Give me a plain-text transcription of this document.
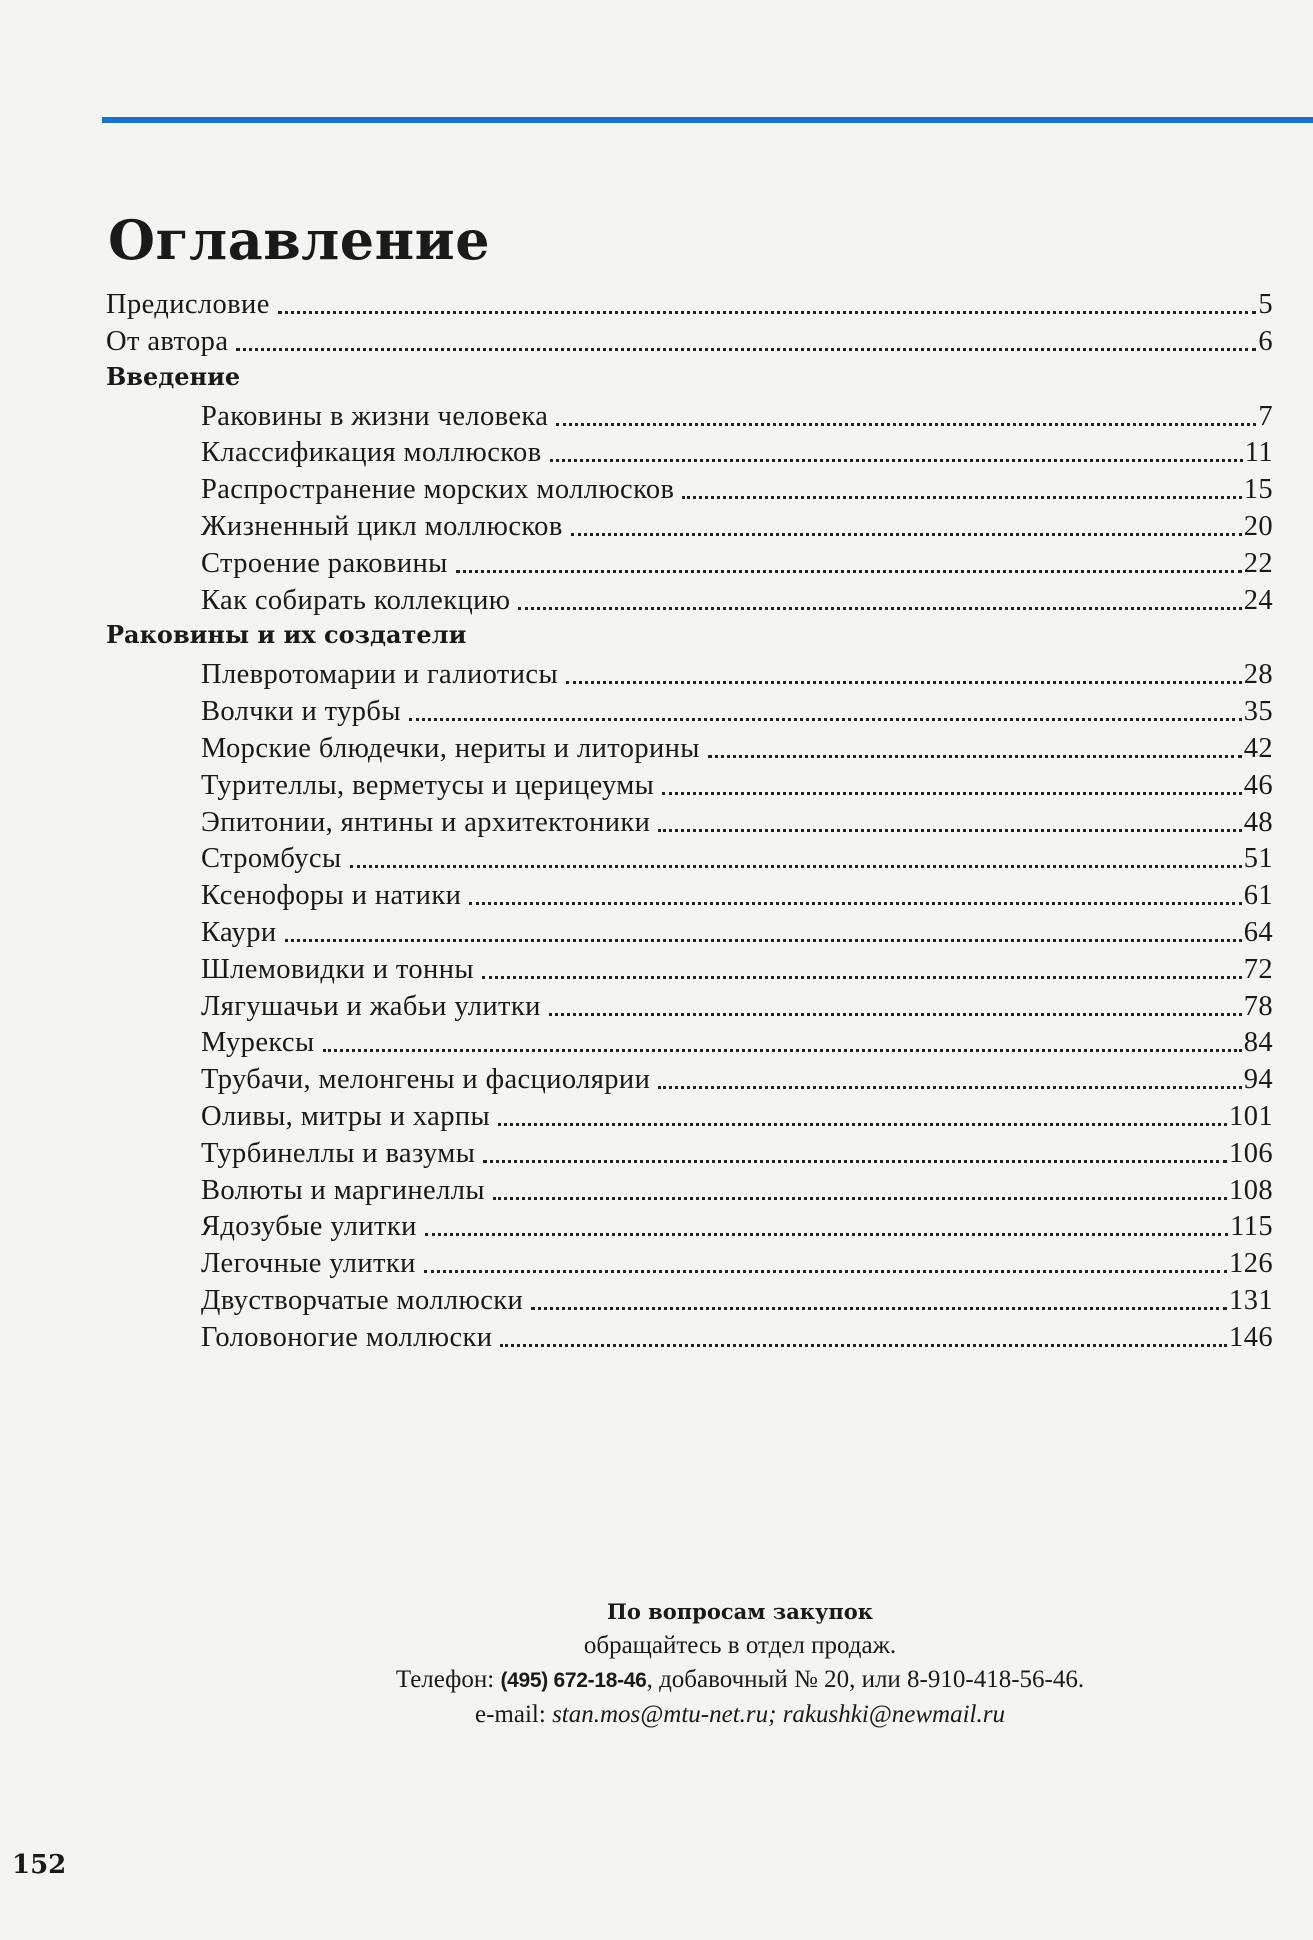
Оглавление
Предисловие	5
От автора	6
Введение
Раковины в жизни человека	7
Классификация моллюсков	11
Распространение морских моллюсков	15
Жизненный цикл моллюсков	20
Строение раковины	22
Как собирать коллекцию	24
Раковины и их создатели
Плевротомарии и галиотисы	28
Волчки и турбы	35
Морские блюдечки, нериты и литорины	42
Турителлы, верметусы и церицеумы	46
Эпитонии, янтины и архитектоники	48
Стромбусы	51
Ксенофоры и натики	61
Каури	64
Шлемовидки и тонны	72
Лягушачьи и жабьи улитки	78
Мурексы	84
Трубачи, мелонгены и фасциолярии	94
Оливы, митры и харпы	101
Турбинеллы и вазумы	106
Волюты и маргинеллы	108
Ядозубые улитки	115
Легочные улитки	126
Двустворчатые моллюски	131
Головоногие моллюски	146
По вопросам закупок
обращайтесь в отдел продаж.
Телефон: (495) 672-18-46, добавочный № 20, или 8-910-418-56-46.
e-mail: stan.mos@mtu-net.ru; rakushki@newmail.ru
152
